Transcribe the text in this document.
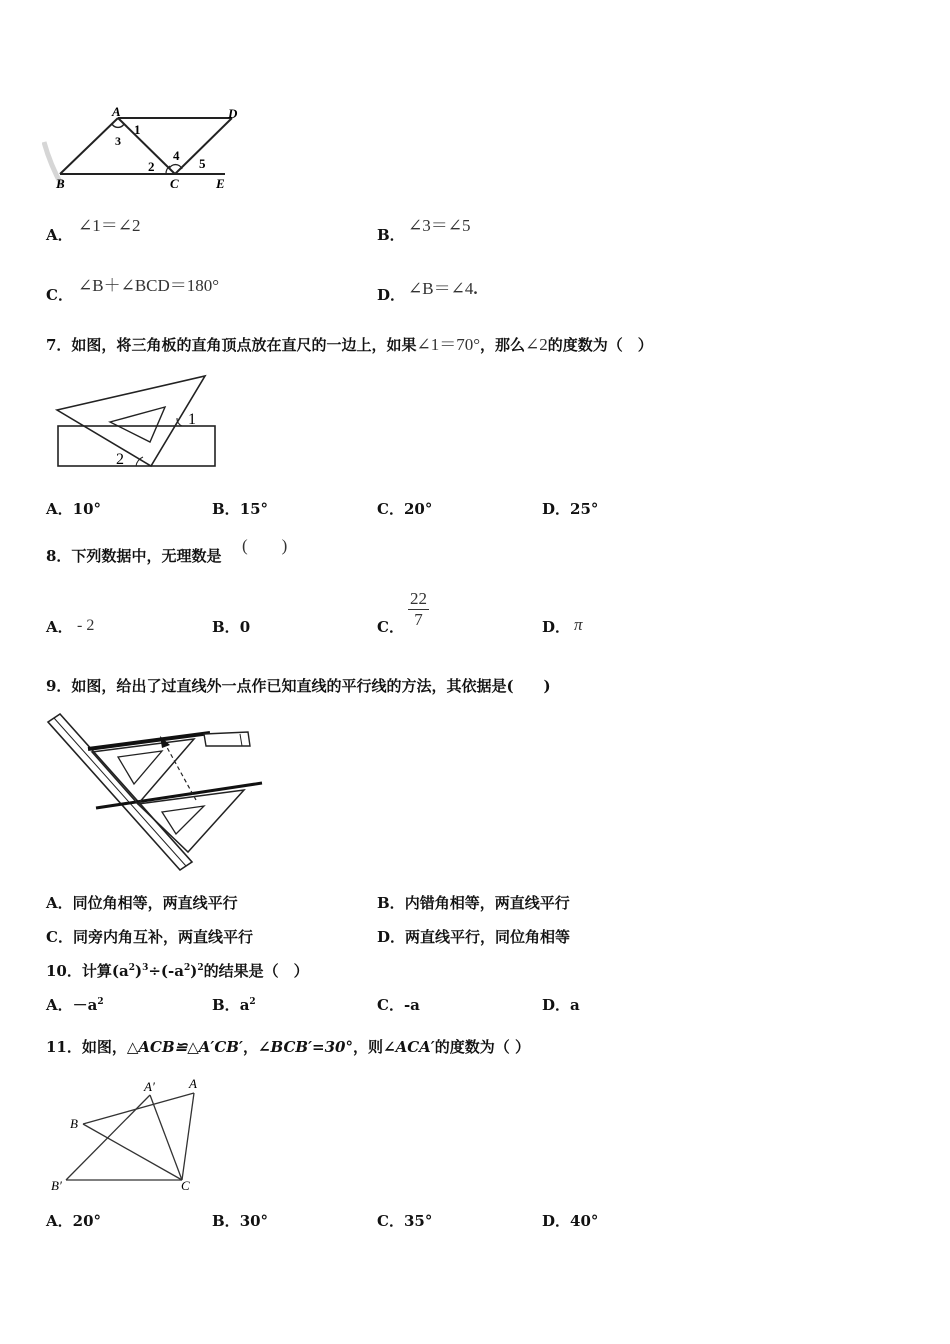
A	D
1
3
2
4
5
B	C	E
A． ∠1＝∠2	B． ∠3＝∠5
C． ∠B＋∠BCD＝180°	D． ∠B＝∠4.
7．如图，将三角板的直角顶点放在直尺的一边上，如果∠1＝70°，那么∠2的度数为（　）
1
2
A．10°	B．15°	C．20°	D．25°
8．下列数据中，无理数是
(　　)
A． - 2	B．0	C． $\frac{22}{7}$	D． π
9．如图，给出了过直线外一点作已知直线的平行线的方法，其依据是(　　)
A．同位角相等，两直线平行	B．内错角相等，两直线平行
C．同旁内角互补，两直线平行	D．两直线平行，同位角相等
10．计算$(a^2)^3\div(-a^2)^2$的结果是（　）
A．$-a^2$	B．$a^2$	C．-a	D．a
11．如图，△ACB≌△A′CB′，∠BCB′=30°，则∠ACA′的度数为（ ）
A
A′
B
B′	C
A．20°	B．30°	C．35°	D．40°
